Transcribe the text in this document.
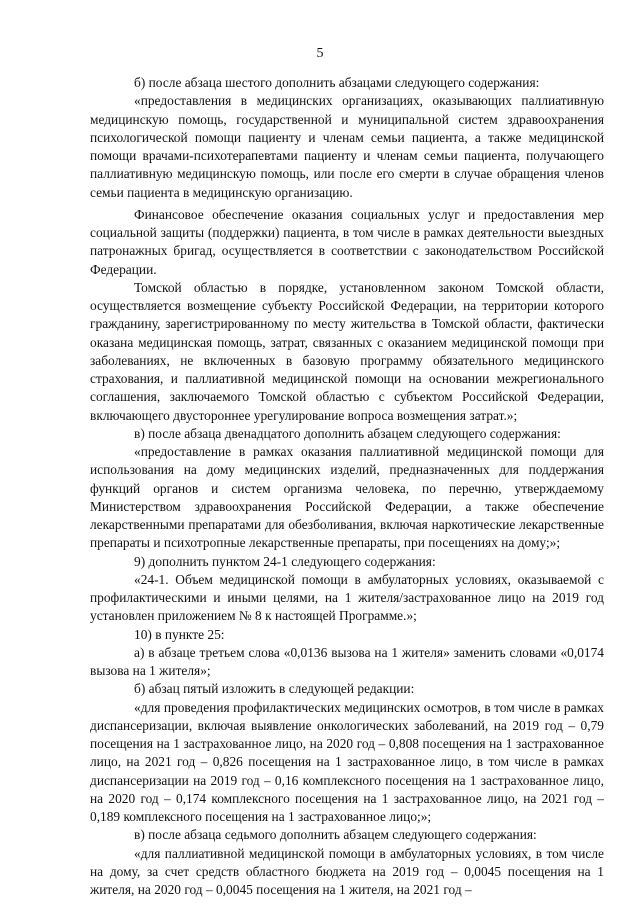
5

б) после абзаца шестого дополнить абзацами следующего содержания:

«предоставления в медицинских организациях, оказывающих паллиативную медицинскую помощь, государственной и муниципальной систем здравоохранения психологической помощи пациенту и членам семьи пациента, а также медицинской помощи врачами-психотерапевтами пациенту и членам семьи пациента, получающего паллиативную медицинскую помощь, или после его смерти в случае обращения членов семьи пациента в медицинскую организацию.

Финансовое обеспечение оказания социальных услуг и предоставления мер социальной защиты (поддержки) пациента, в том числе в рамках деятельности выездных патронажных бригад, осуществляется в соответствии с законодательством Российской Федерации.

Томской областью в порядке, установленном законом Томской области, осуществляется возмещение субъекту Российской Федерации, на территории которого гражданину, зарегистрированному по месту жительства в Томской области, фактически оказана медицинская помощь, затрат, связанных с оказанием медицинской помощи при заболеваниях, не включенных в базовую программу обязательного медицинского страхования, и паллиативной медицинской помощи на основании межрегионального соглашения, заключаемого Томской областью с субъектом Российской Федерации, включающего двустороннее урегулирование вопроса возмещения затрат.»;

в) после абзаца двенадцатого дополнить абзацем следующего содержания:

«предоставление в рамках оказания паллиативной медицинской помощи для использования на дому медицинских изделий, предназначенных для поддержания функций органов и систем организма человека, по перечню, утверждаемому Министерством здравоохранения Российской Федерации, а также обеспечение лекарственными препаратами для обезболивания, включая наркотические лекарственные препараты и психотропные лекарственные препараты, при посещениях на дому;»;

9) дополнить пунктом 24-1 следующего содержания:

«24-1. Объем медицинской помощи в амбулаторных условиях, оказываемой с профилактическими и иными целями, на 1 жителя/застрахованное лицо на 2019 год установлен приложением № 8 к настоящей Программе.»;

10) в пункте 25:

а) в абзаце третьем слова «0,0136 вызова на 1 жителя» заменить словами «0,0174 вызова на 1 жителя»;

б) абзац пятый изложить в следующей редакции:

«для проведения профилактических медицинских осмотров, в том числе в рамках диспансеризации, включая выявление онкологических заболеваний, на 2019 год – 0,79 посещения на 1 застрахованное лицо, на 2020 год – 0,808 посещения на 1 застрахованное лицо, на 2021 год – 0,826 посещения на 1 застрахованное лицо, в том числе в рамках диспансеризации на 2019 год – 0,16 комплексного посещения на 1 застрахованное лицо, на 2020 год – 0,174 комплексного посещения на 1 застрахованное лицо, на 2021 год – 0,189 комплексного посещения на 1 застрахованное лицо;»;

в) после абзаца седьмого дополнить абзацем следующего содержания:

«для паллиативной медицинской помощи в амбулаторных условиях, в том числе на дому, за счет средств областного бюджета на 2019 год – 0,0045 посещения на 1 жителя, на 2020 год – 0,0045 посещения на 1 жителя, на 2021 год –
